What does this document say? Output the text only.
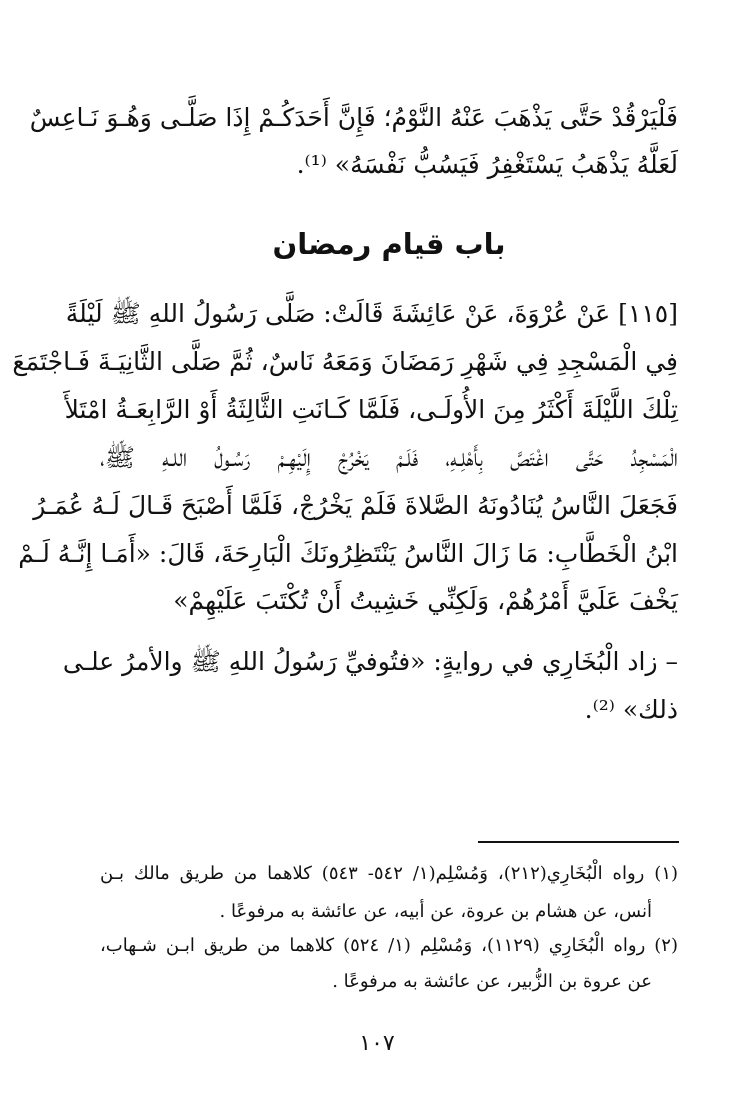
فَلْيَرْقُدْ حَتَّى يَذْهَبَ عَنْهُ النَّوْمُ؛ فَإِنَّ أَحَدَكُـمْ إِذَا صَلَّـى وَهُـوَ نَـاعِسٌ
لَعَلَّهُ يَذْهَبُ يَسْتَغْفِرُ فَيَسُبُّ نَفْسَهُ» ⁽¹⁾.
باب قيام رمضان
[١١٥] عَنْ عُرْوَةَ، عَنْ عَائِشَةَ قَالَتْ: صَلَّى رَسُولُ اللهِ ﷺ لَيْلَةً
فِي الْمَسْجِدِ فِي شَهْرِ رَمَضَانَ وَمَعَهُ نَاسٌ، ثُمَّ صَلَّى الثَّانِيَـةَ فَـاجْتَمَعَ
تِلْكَ اللَّيْلَةَ أَكْثَرُ مِنَ الأُولَـى، فَلَمَّا كَـانَتِ الثَّالِثَةُ أَوْ الرَّابِعَـةُ امْتَلأَ
الْمَسْجِدُ حَتَّى اغْتَصَّ بِأَهْلِـهِ، فَلَـمْ يَخْرُجْ إِلَيْهِـمْ رَسُـولُ اللـهِ ﷺ،
فَجَعَلَ النَّاسُ يُنَادُونَهُ الصَّلاةَ فَلَمْ يَخْرُجْ، فَلَمَّا أَصْبَحَ قَـالَ لَـهُ عُمَـرُ
ابْنُ الْخَطَّابِ: مَا زَالَ النَّاسُ يَنْتَظِرُونَكَ الْبَارِحَةَ، قَالَ: «أَمَـا إِنَّـهُ لَـمْ
يَخْفَ عَلَيَّ أَمْرُهُمْ، وَلَكِنِّي خَشِيتُ أَنْ تُكْتَبَ عَلَيْهِمْ»
– زاد الْبُخَارِي في روايةٍ: «فتُوفيِّ رَسُولُ اللهِ ﷺ والأمرُ علـى
ذلك» ⁽²⁾.
(١) رواه الْبُخَارِي(٢١٢)، وَمُسْلِم(١/ ٥٤٢- ٥٤٣) كلاهما من طريق مالك بـن
أنس، عن هشام بن عروة، عن أبيه، عن عائشة به مرفوعًا .
(٢) رواه الْبُخَارِي (١١٢٩)، وَمُسْلِم (١/ ٥٢٤) كلاهما من طريق ابـن شـهاب،
عن عروة بن الزُّبير، عن عائشة به مرفوعًا .
١٠٧
